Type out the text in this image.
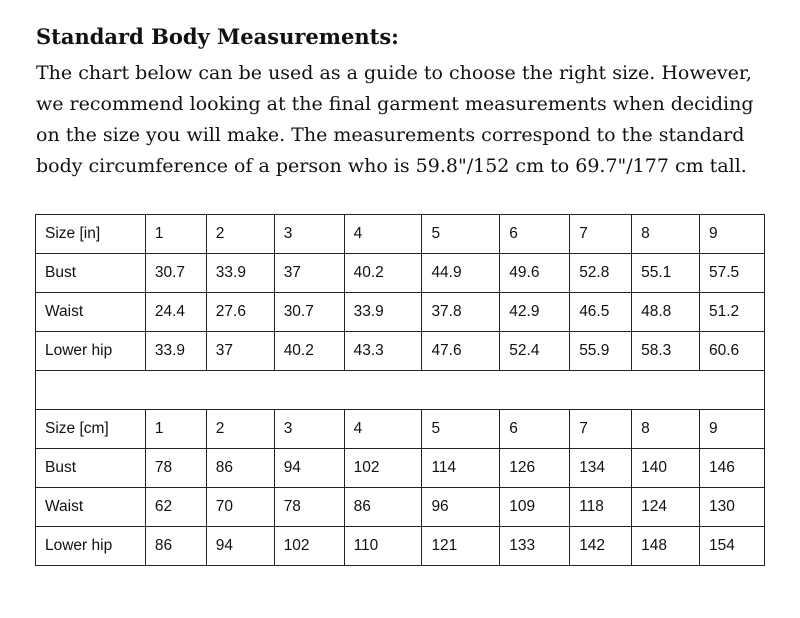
Standard Body Measurements:
The chart below can be used as a guide to choose the right size. However,
we recommend looking at the final garment measurements when deciding
on the size you will make. The measurements correspond to the standard
body circumference of a person who is 59.8"/152 cm to 69.7"/177 cm tall.
Size [in]	1	2	3	4	5	6	7	8	9
Bust	30.7	33.9	37	40.2	44.9	49.6	52.8	55.1	57.5
Waist	24.4	27.6	30.7	33.9	37.8	42.9	46.5	48.8	51.2
Lower hip	33.9	37	40.2	43.3	47.6	52.4	55.9	58.3	60.6

Size [cm]	1	2	3	4	5	6	7	8	9
Bust	78	86	94	102	114	126	134	140	146
Waist	62	70	78	86	96	109	118	124	130
Lower hip	86	94	102	110	121	133	142	148	154
